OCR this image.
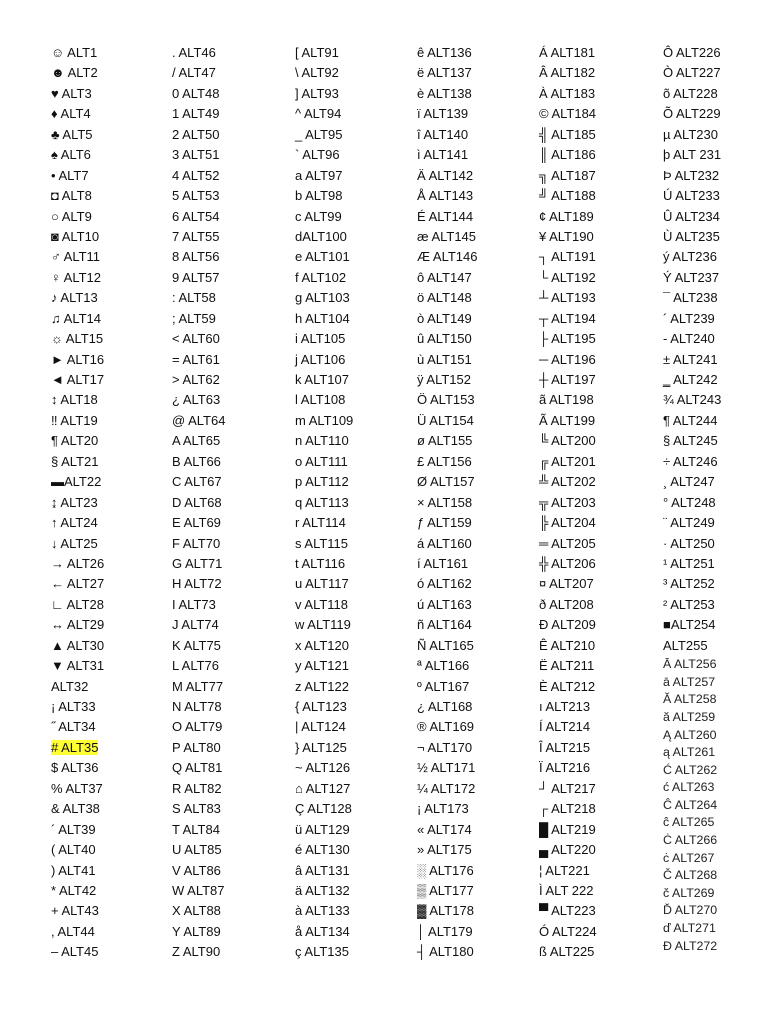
☺ ALT1
☻ ALT2
♥ ALT3
♦ ALT4
♣ ALT5
♠ ALT6
• ALT7
◘ ALT8
○ ALT9
◙ ALT10
♂ ALT11
♀ ALT12
♪ ALT13
♫ ALT14
☼ ALT15
► ALT16
◄ ALT17
↕ ALT18
‼ ALT19
¶ ALT20
§ ALT21
▬ALT22
↨ ALT23
↑ ALT24
↓ ALT25
→ ALT26
← ALT27
∟ ALT28
↔ ALT29
▲ ALT30
▼ ALT31
ALT32
¡ ALT33
˝ ALT34
# ALT35
$ ALT36
% ALT37
& ALT38
´ ALT39
( ALT40
) ALT41
* ALT42
+ ALT43
, ALT44
– ALT45
. ALT46
/ ALT47
0 ALT48
1 ALT49
2 ALT50
3 ALT51
4 ALT52
5 ALT53
6 ALT54
7 ALT55
8 ALT56
9 ALT57
: ALT58
; ALT59
< ALT60
= ALT61
> ALT62
¿ ALT63
@ ALT64
A ALT65
B ALT66
C ALT67
D ALT68
E ALT69
F ALT70
G ALT71
H ALT72
I ALT73
J ALT74
K ALT75
L ALT76
M ALT77
N ALT78
O ALT79
P ALT80
Q ALT81
R ALT82
S ALT83
T ALT84
U ALT85
V ALT86
W ALT87
X ALT88
Y ALT89
Z ALT90
[ ALT91
\ ALT92
] ALT93
^ ALT94
_ ALT95
` ALT96
a ALT97
b ALT98
c ALT99
dALT100
e ALT101
f ALT102
g ALT103
h ALT104
i ALT105
j ALT106
k ALT107
l ALT108
m ALT109
n ALT110
o ALT111
p ALT112
q ALT113
r ALT114
s ALT115
t ALT116
u ALT117
v ALT118
w ALT119
x ALT120
y ALT121
z ALT122
{ ALT123
| ALT124
} ALT125
~ ALT126
⌂ ALT127
Ç ALT128
ü ALT129
é ALT130
â ALT131
ä ALT132
à ALT133
å ALT134
ç ALT135
ê ALT136
ë ALT137
è ALT138
ï ALT139
î ALT140
ì ALT141
Ä ALT142
Å ALT143
É ALT144
æ ALT145
Æ ALT146
ô ALT147
ö ALT148
ò ALT149
û ALT150
ù ALT151
ÿ ALT152
Ö ALT153
Ü ALT154
ø ALT155
£ ALT156
Ø ALT157
× ALT158
ƒ ALT159
á ALT160
í ALT161
ó ALT162
ú ALT163
ñ ALT164
Ñ ALT165
ª ALT166
º ALT167
¿ ALT168
® ALT169
¬ ALT170
½ ALT171
¼ ALT172
¡ ALT173
« ALT174
» ALT175
░ ALT176
▒ ALT177
▓ ALT178
│ ALT179
┤ ALT180
Á ALT181
Â ALT182
À ALT183
© ALT184
╣ ALT185
║ ALT186
╗ ALT187
╝ ALT188
¢ ALT189
¥ ALT190
┐ ALT191
└ ALT192
┴ ALT193
┬ ALT194
├ ALT195
─ ALT196
┼ ALT197
ã ALT198
Ã ALT199
╚ ALT200
╔ ALT201
╩ ALT202
╦ ALT203
╠ ALT204
═ ALT205
╬ ALT206
¤ ALT207
ð ALT208
Ð ALT209
Ê ALT210
Ë ALT211
È ALT212
ı ALT213
Í ALT214
Î ALT215
Ï ALT216
┘ ALT217
┌ ALT218
█ ALT219
▄ ALT220
¦ ALT221
Ì ALT 222
▀ ALT223
Ó ALT224
ß ALT225
Ô ALT226
Ò ALT227
õ ALT228
Õ ALT229
µ ALT230
þ ALT 231
Þ ALT232
Ú ALT233
Û ALT234
Ù ALT235
ý ALT236
Ý ALT237
¯ ALT238
´ ALT239
- ALT240
± ALT241
‗ ALT242
¾ ALT243
¶ ALT244
§ ALT245
÷ ALT246
¸ ALT247
° ALT248
¨ ALT249
· ALT250
¹ ALT251
³ ALT252
² ALT253
■ALT254
ALT255
Ā ALT256
ā ALT257
Ă ALT258
ă ALT259
Ą ALT260
ą ALT261
Ć ALT262
ć ALT263
Ĉ ALT264
ĉ ALT265
Ċ ALT266
ċ ALT267
Č ALT268
č ALT269
Ď ALT270
ď ALT271
Đ ALT272
